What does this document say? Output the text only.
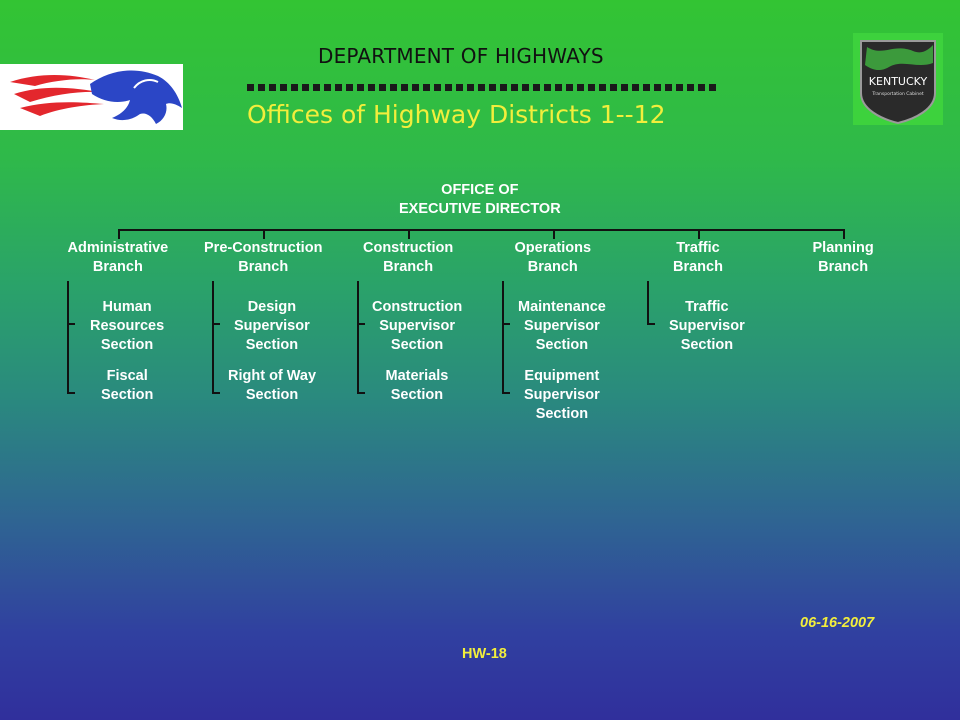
DEPARTMENT OF HIGHWAYS
Offices of Highway Districts 1--12
KENTUCKY
Transportation Cabinet
OFFICE OF
EXECUTIVE DIRECTOR
Administrative
Branch
Human
Resources
Section
Fiscal
Section
Pre-Construction
Branch
Design
Supervisor
Section
Right of Way
Section
Construction
Branch
Construction
Supervisor
Section
Materials
Section
Operations
Branch
Maintenance
Supervisor
Section
Equipment
Supervisor
Section
Traffic
Branch
Traffic
Supervisor
Section
Planning
Branch
06-16-2007
HW-18
